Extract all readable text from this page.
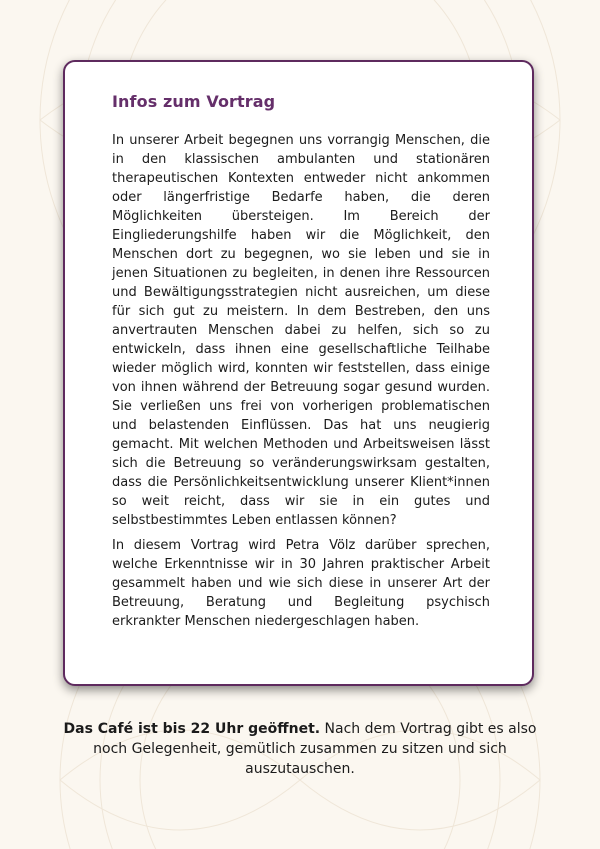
Infos zum Vortrag

In unserer Arbeit begegnen uns vorrangig Menschen, die in den klassischen ambulanten und stationären therapeutischen Kontexten entweder nicht ankommen oder längerfristige Bedarfe haben, die deren Möglichkeiten übersteigen. Im Bereich der Eingliederungshilfe haben wir die Möglichkeit, den Menschen dort zu begegnen, wo sie leben und sie in jenen Situationen zu begleiten, in denen ihre Ressourcen und Bewältigungsstrategien nicht ausreichen, um diese für sich gut zu meistern. In dem Bestreben, den uns anvertrauten Menschen dabei zu helfen, sich so zu entwickeln, dass ihnen eine gesellschaftliche Teilhabe wieder möglich wird, konnten wir feststellen, dass einige von ihnen während der Betreuung sogar gesund wurden. Sie verließen uns frei von vorherigen problematischen und belastenden Einflüssen. Das hat uns neugierig gemacht. Mit welchen Methoden und Arbeitsweisen lässt sich die Betreuung so veränderungswirksam gestalten, dass die Persönlichkeitsentwicklung unserer Klient*innen so weit reicht, dass wir sie in ein gutes und selbstbestimmtes Leben entlassen können?

In diesem Vortrag wird Petra Völz darüber sprechen, welche Erkenntnisse wir in 30 Jahren praktischer Arbeit gesammelt haben und wie sich diese in unserer Art der Betreuung, Beratung und Begleitung psychisch erkrankter Menschen niedergeschlagen haben.

Das Café ist bis 22 Uhr geöffnet. Nach dem Vortrag gibt es also noch Gelegenheit, gemütlich zusammen zu sitzen und sich auszutauschen.
